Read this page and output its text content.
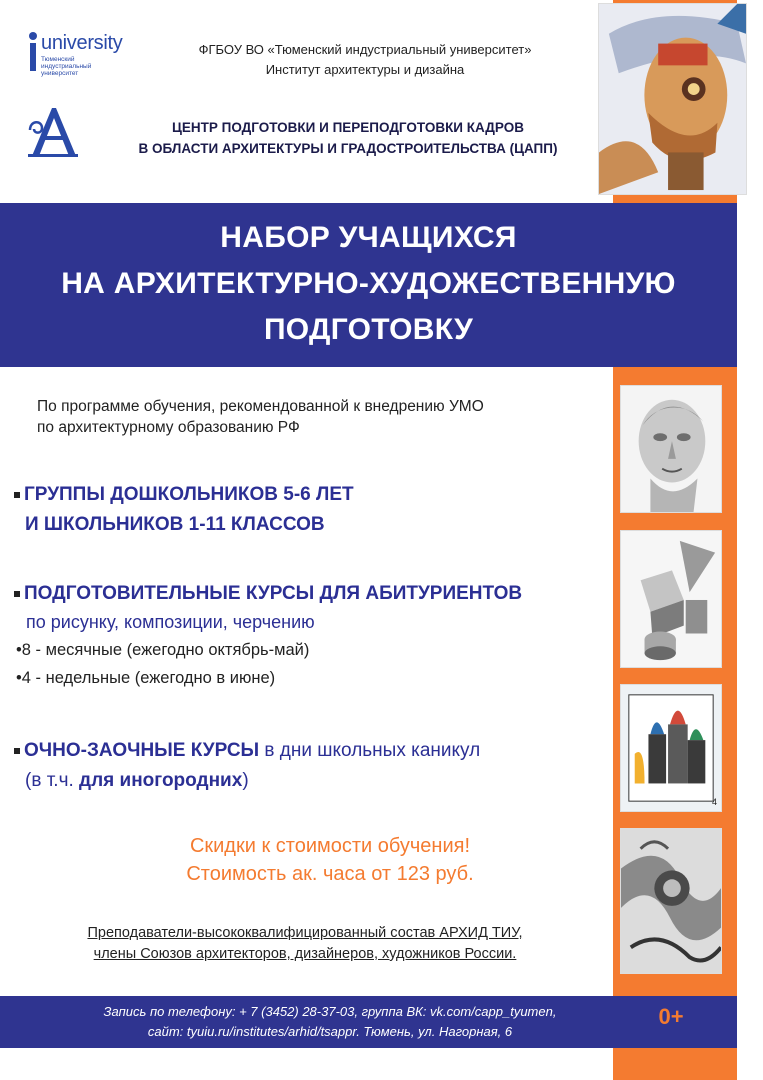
university
Тюменский индустриальный университет
ФГБОУ ВО «Тюменский индустриальный университет»
Институт архитектуры и дизайна
ЦЕНТР ПОДГОТОВКИ И ПЕРЕПОДГОТОВКИ КАДРОВ
В ОБЛАСТИ АРХИТЕКТУРЫ И ГРАДОСТРОИТЕЛЬСТВА (ЦАПП)
НАБОР УЧАЩИХСЯ
НА АРХИТЕКТУРНО-ХУДОЖЕСТВЕННУЮ
ПОДГОТОВКУ
По программе обучения, рекомендованной к внедрению УМО
по архитектурному образованию РФ
ГРУППЫ ДОШКОЛЬНИКОВ 5-6 ЛЕТ
И ШКОЛЬНИКОВ 1-11 КЛАССОВ
ПОДГОТОВИТЕЛЬНЫЕ КУРСЫ ДЛЯ АБИТУРИЕНТОВ
по рисунку, композиции, черчению
•8 - месячные (ежегодно октябрь-май)
•4 - недельные (ежегодно в июне)
ОЧНО-ЗАОЧНЫЕ КУРСЫ в дни школьных каникул
(в т.ч. для иногородних)
Скидки к стоимости обучения!
Стоимость ак. часа от 123 руб.
Преподаватели-высококвалифицированный состав АРХИД ТИУ,
члены Союзов архитекторов, дизайнеров, художников России.
4
Запись по телефону: + 7 (3452) 28-37-03, группа ВК: vk.com/capp_tyumen,
сайт: tyuiu.ru/institutes/arhid/tsappr. Тюмень, ул. Нагорная, 6
0+
